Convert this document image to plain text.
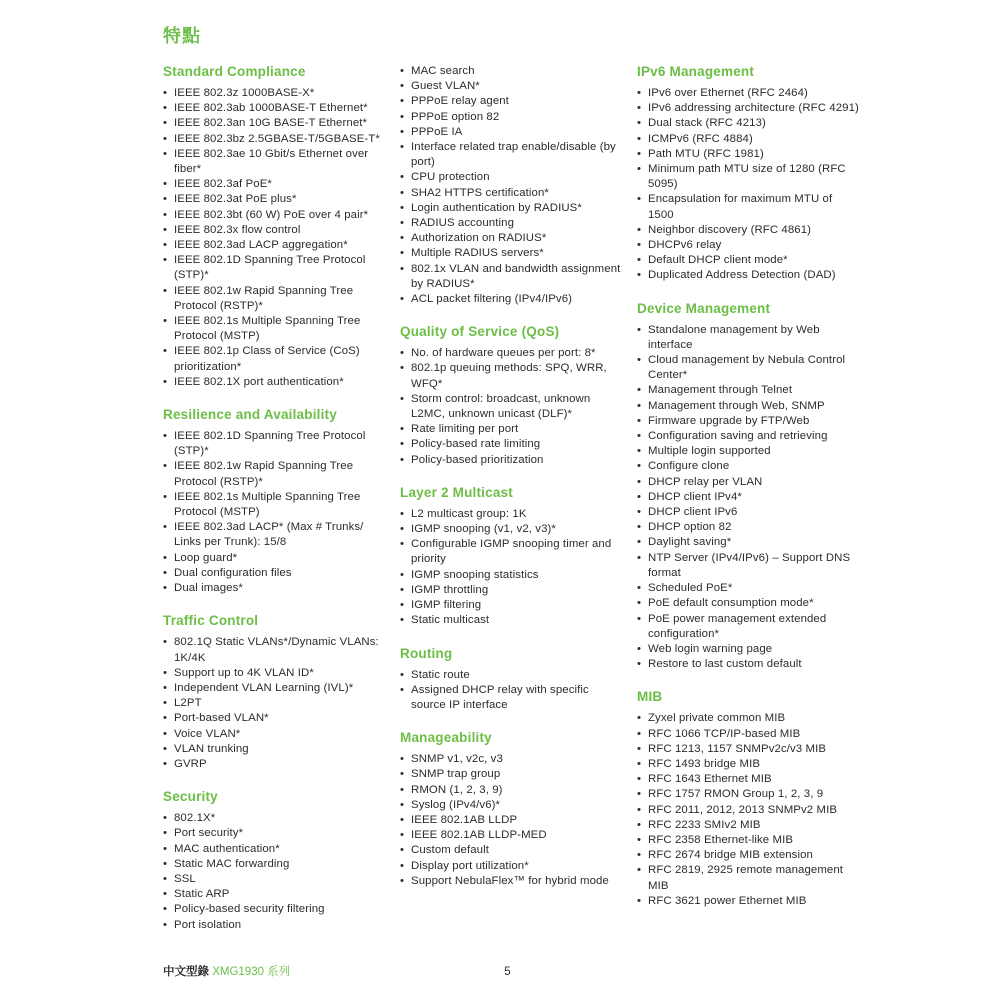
特點
Standard Compliance
• IEEE 802.3z 1000BASE-X*
• IEEE 802.3ab 1000BASE-T Ethernet*
• IEEE 802.3an 10G BASE-T Ethernet*
• IEEE 802.3bz 2.5GBASE-T/5GBASE-T*
• IEEE 802.3ae 10 Gbit/s Ethernet over fiber*
• IEEE 802.3af PoE*
• IEEE 802.3at PoE plus*
• IEEE 802.3bt (60 W) PoE over 4 pair*
• IEEE 802.3x flow control
• IEEE 802.3ad LACP aggregation*
• IEEE 802.1D Spanning Tree Protocol (STP)*
• IEEE 802.1w Rapid Spanning Tree Protocol (RSTP)*
• IEEE 802.1s Multiple Spanning Tree Protocol (MSTP)
• IEEE 802.1p Class of Service (CoS) prioritization*
• IEEE 802.1X port authentication*
Resilience and Availability
• IEEE 802.1D Spanning Tree Protocol (STP)*
• IEEE 802.1w Rapid Spanning Tree Protocol (RSTP)*
• IEEE 802.1s Multiple Spanning Tree Protocol (MSTP)
• IEEE 802.3ad LACP* (Max # Trunks/ Links per Trunk): 15/8
• Loop guard*
• Dual configuration files
• Dual images*
Traffic Control
• 802.1Q Static VLANs*/Dynamic VLANs: 1K/4K
• Support up to 4K VLAN ID*
• Independent VLAN Learning (IVL)*
• L2PT
• Port-based VLAN*
• Voice VLAN*
• VLAN trunking
• GVRP
Security
• 802.1X*
• Port security*
• MAC authentication*
• Static MAC forwarding
• SSL
• Static ARP
• Policy-based security filtering
• Port isolation
• MAC search
• Guest VLAN*
• PPPoE relay agent
• PPPoE option 82
• PPPoE IA
• Interface related trap enable/disable (by port)
• CPU protection
• SHA2 HTTPS certification*
• Login authentication by RADIUS*
• RADIUS accounting
• Authorization on RADIUS*
• Multiple RADIUS servers*
• 802.1x VLAN and bandwidth assignment by RADIUS*
• ACL packet filtering (IPv4/IPv6)
Quality of Service (QoS)
• No. of hardware queues per port: 8*
• 802.1p queuing methods: SPQ, WRR, WFQ*
• Storm control: broadcast, unknown L2MC, unknown unicast (DLF)*
• Rate limiting per port
• Policy-based rate limiting
• Policy-based prioritization
Layer 2 Multicast
• L2 multicast group: 1K
• IGMP snooping (v1, v2, v3)*
• Configurable IGMP snooping timer and priority
• IGMP snooping statistics
• IGMP throttling
• IGMP filtering
• Static multicast
Routing
• Static route
• Assigned DHCP relay with specific source IP interface
Manageability
• SNMP v1, v2c, v3
• SNMP trap group
• RMON (1, 2, 3, 9)
• Syslog (IPv4/v6)*
• IEEE 802.1AB LLDP
• IEEE 802.1AB LLDP-MED
• Custom default
• Display port utilization*
• Support NebulaFlex™ for hybrid mode
IPv6 Management
• IPv6 over Ethernet (RFC 2464)
• IPv6 addressing architecture (RFC 4291)
• Dual stack (RFC 4213)
• ICMPv6 (RFC 4884)
• Path MTU (RFC 1981)
• Minimum path MTU size of 1280 (RFC 5095)
• Encapsulation for maximum MTU of 1500
• Neighbor discovery (RFC 4861)
• DHCPv6 relay
• Default DHCP client mode*
• Duplicated Address Detection (DAD)
Device Management
• Standalone management by Web interface
• Cloud management by Nebula Control Center*
• Management through Telnet
• Management through Web, SNMP
• Firmware upgrade by FTP/Web
• Configuration saving and retrieving
• Multiple login supported
• Configure clone
• DHCP relay per VLAN
• DHCP client IPv4*
• DHCP client IPv6
• DHCP option 82
• Daylight saving*
• NTP Server (IPv4/IPv6) – Support DNS format
• Scheduled PoE*
• PoE default consumption mode*
• PoE power management extended configuration*
• Web login warning page
• Restore to last custom default
MIB
• Zyxel private common MIB
• RFC 1066 TCP/IP-based MIB
• RFC 1213, 1157 SNMPv2c/v3 MIB
• RFC 1493 bridge MIB
• RFC 1643 Ethernet MIB
• RFC 1757 RMON Group 1, 2, 3, 9
• RFC 2011, 2012, 2013 SNMPv2 MIB
• RFC 2233 SMIv2 MIB
• RFC 2358 Ethernet-like MIB
• RFC 2674 bridge MIB extension
• RFC 2819, 2925 remote management MIB
• RFC 3621 power Ethernet MIB
中文型錄 XMG1930 系列	5
